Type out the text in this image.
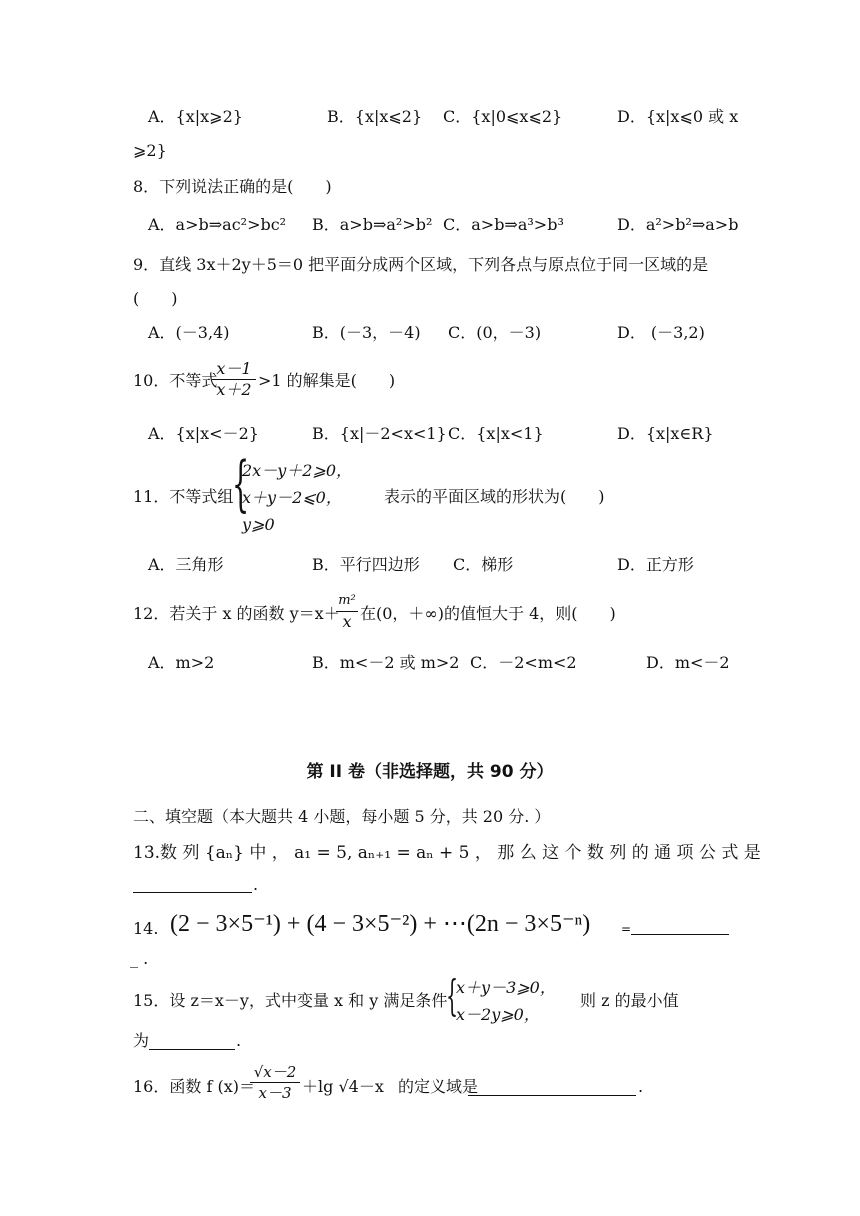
A．{x|x⩾2}	B．{x|x⩽2} C．{x|0⩽x⩽2}	D．{x|x⩽0 或 x
⩾2}
8．下列说法正确的是(　　)
A．a>b⇒ac²>bc² B．a>b⇒a²>b² C．a>b⇒a³>b³	D．a²>b²⇒a>b
9．直线 3x＋2y＋5＝0 把平面分成两个区域，下列各点与原点位于同一区域的是
(　　)
A．(－3,4)	B．(－3，－4) C．(0，－3)	D． (－3,2)
10．不等式
x－1
x＋2 >1 的解集是(　　)
A．{x|x<－2}	B．{x|－2<x<1} C．{x|x<1}	D．{x|x∈R}
11．不等式组
{
2x－y＋2⩾0，
x＋y－2⩽0，
y⩾0
表示的平面区域的形状为(　　)
A．三角形	B．平行四边形 C．梯形	D．正方形
12．若关于 x 的函数 y＝x＋
m²
x 在(0，＋∞)的值恒大于 4，则(　　)
A．m>2	B．m<－2 或 m>2 C．－2<m<2	D．m<－2
第 II 卷（非选择题，共 90 分）
二、填空题（本大题共 4 小题，每小题 5 分，共 20 分. ）
13.数 列 {aₙ} 中 ， a₁ = 5, aₙ₊₁ = aₙ + 5 ， 那 么 这 个 数 列 的 通 项 公 式 是
.
14. (2 − 3×5⁻¹) + (4 − 3×5⁻²) + ⋯(2n − 3×5⁻ⁿ)	=
_ .
15．设 z＝x－y，式中变量 x 和 y 满足条件
{
x＋y－3⩾0，
x－2y⩾0，
则 z 的最小值
为	.
16．函数 f (x)＝
√x－2
x－3 ＋lg √4－x 的定义域是	.
